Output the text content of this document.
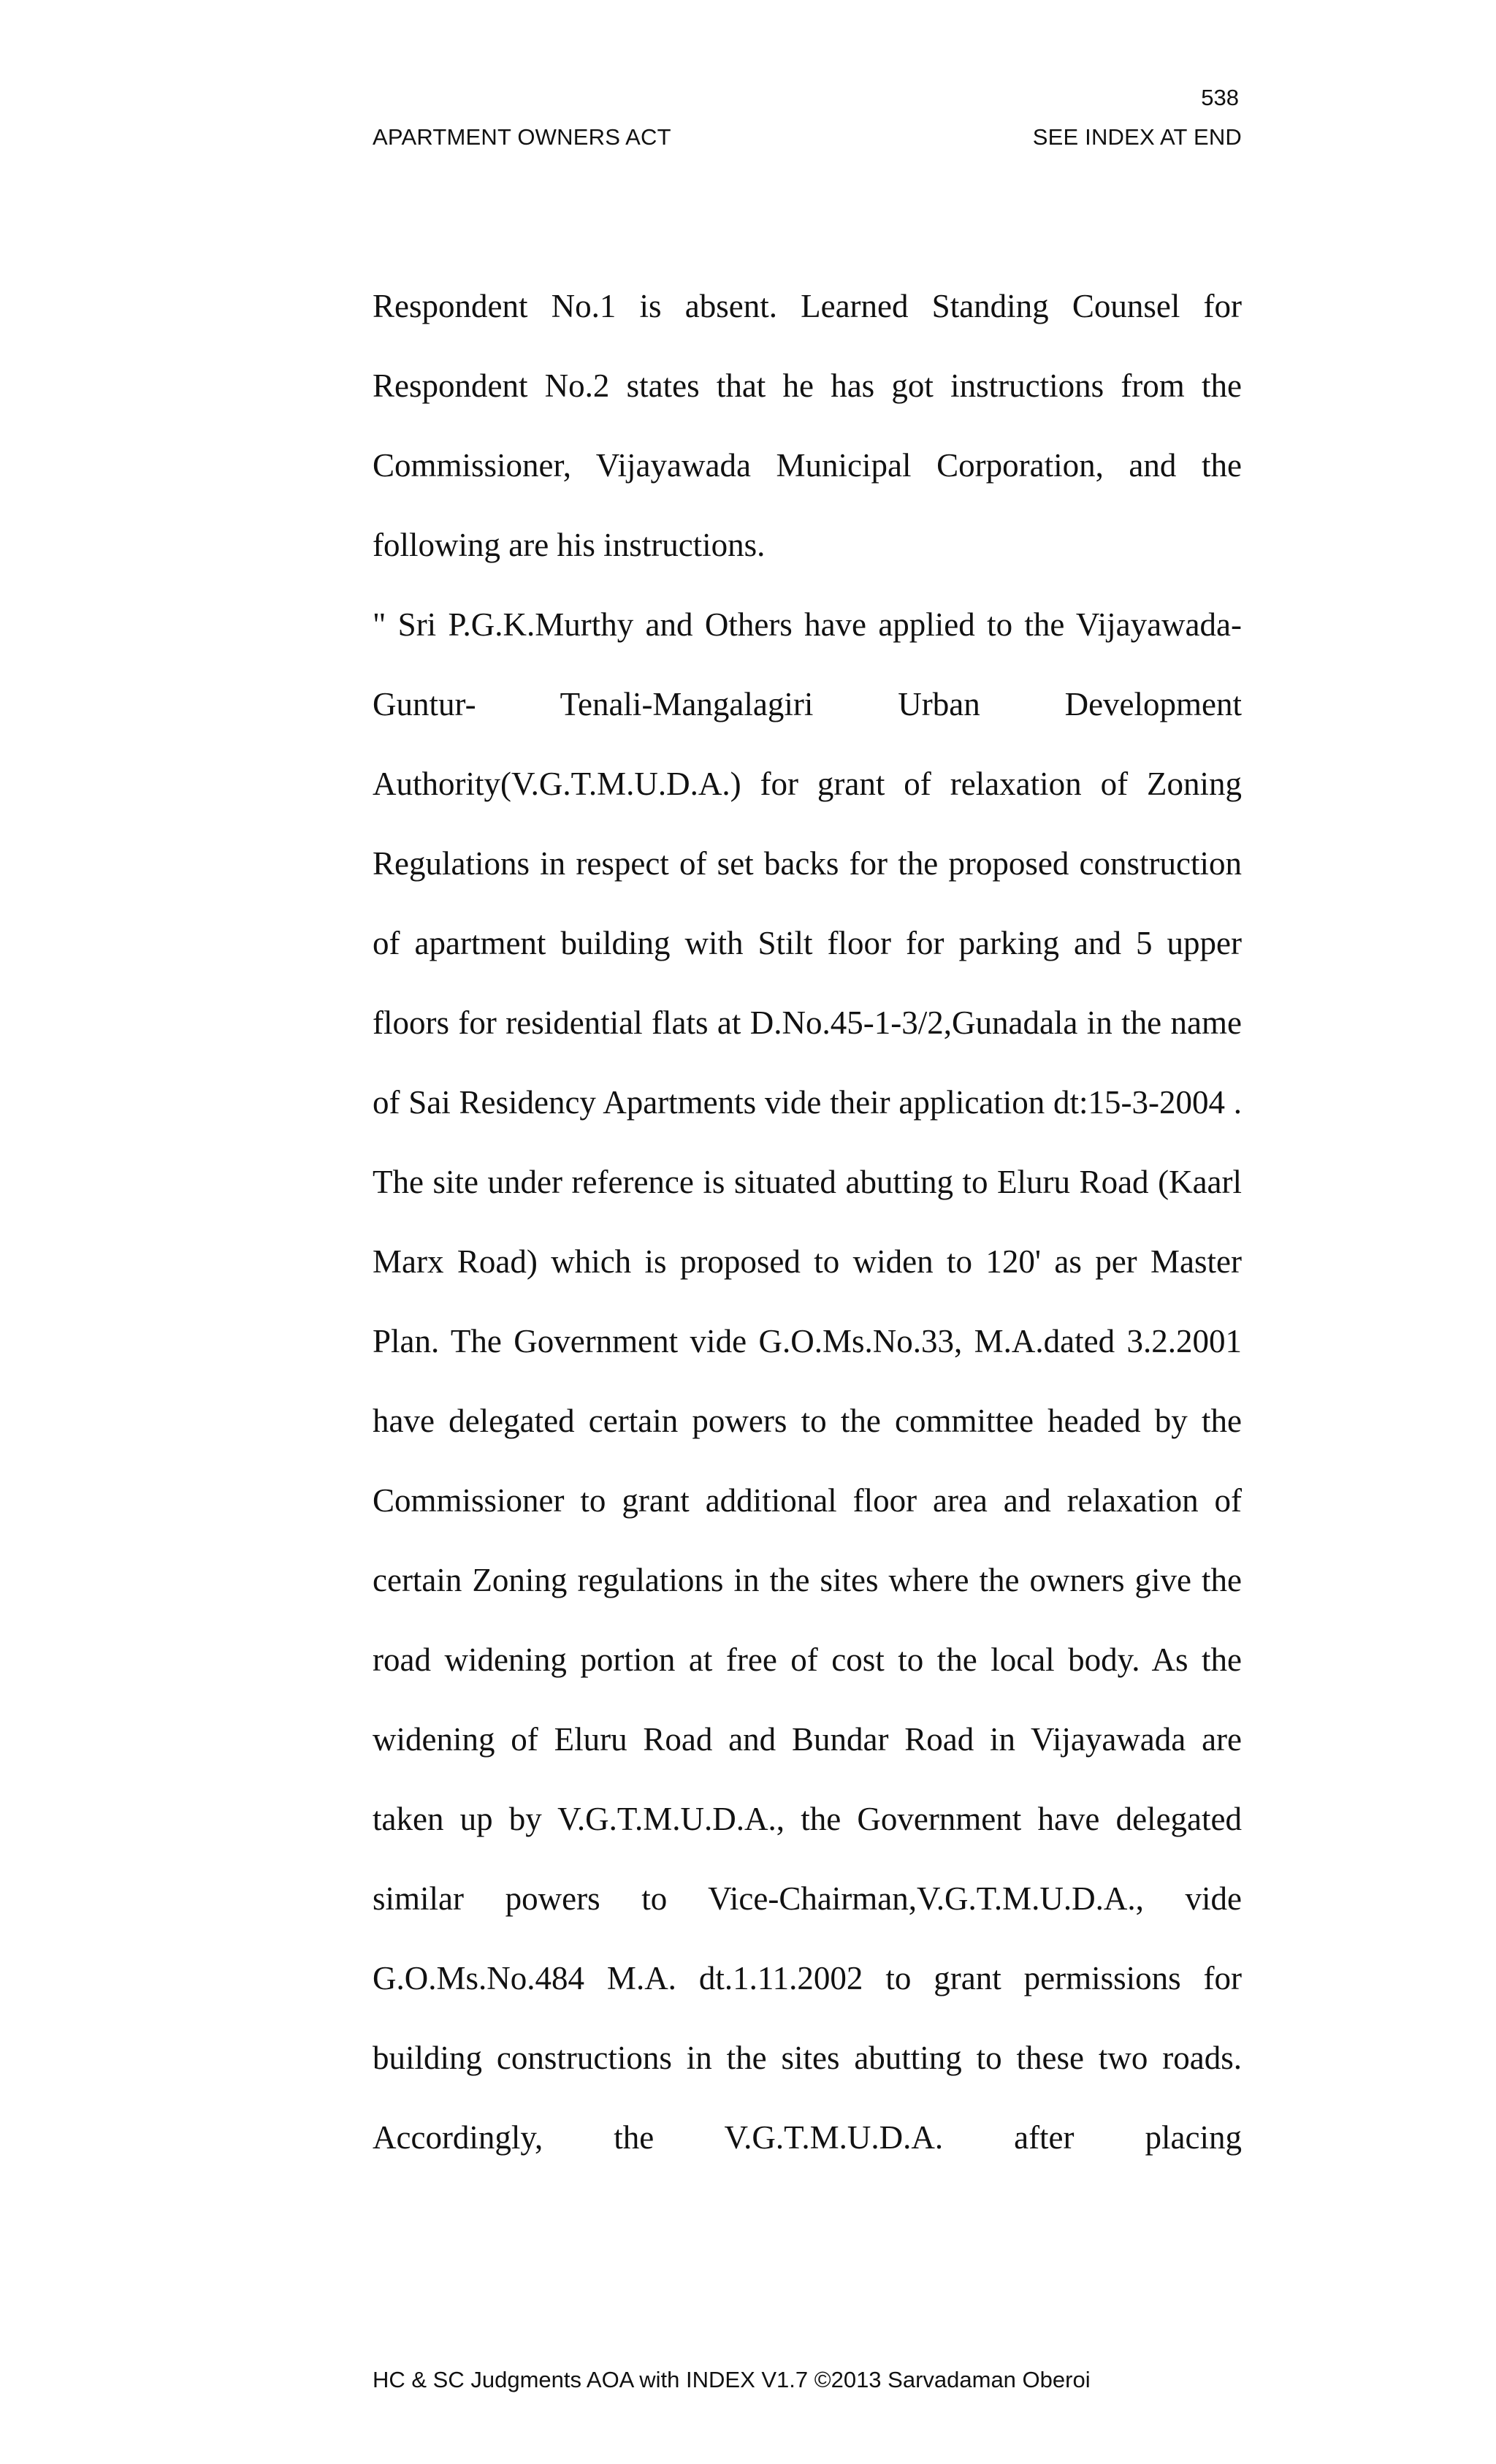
538
APARTMENT OWNERS ACT	SEE INDEX AT END

Respondent No.1 is absent. Learned Standing Counsel for Respondent No.2 states that he has got instructions from the Commissioner, Vijayawada Municipal Corporation, and the following are his instructions.

" Sri P.G.K.Murthy and Others have applied to the Vijayawada-Guntur- Tenali-Mangalagiri Urban Development Authority(V.G.T.M.U.D.A.) for grant of relaxation of Zoning Regulations in respect of set backs for the proposed construction of apartment building with Stilt floor for parking and 5 upper floors for residential flats at D.No.45-1-3/2,Gunadala in the name of Sai Residency Apartments vide their application dt:15-3-2004 . The site under reference is situated abutting to Eluru Road (Kaarl Marx Road) which is proposed to widen to 120' as per Master Plan. The Government vide G.O.Ms.No.33, M.A.dated 3.2.2001 have delegated certain powers to the committee headed by the Commissioner to grant additional floor area and relaxation of certain Zoning regulations in the sites where the owners give the road widening portion at free of cost to the local body. As the widening of Eluru Road and Bundar Road in Vijayawada are taken up by V.G.T.M.U.D.A., the Government have delegated similar powers to Vice-Chairman,V.G.T.M.U.D.A., vide G.O.Ms.No.484 M.A. dt.1.11.2002 to grant permissions for building constructions in the sites abutting to these two roads. Accordingly, the V.G.T.M.U.D.A. after placing

HC & SC Judgments AOA with INDEX V1.7 ©2013 Sarvadaman Oberoi
